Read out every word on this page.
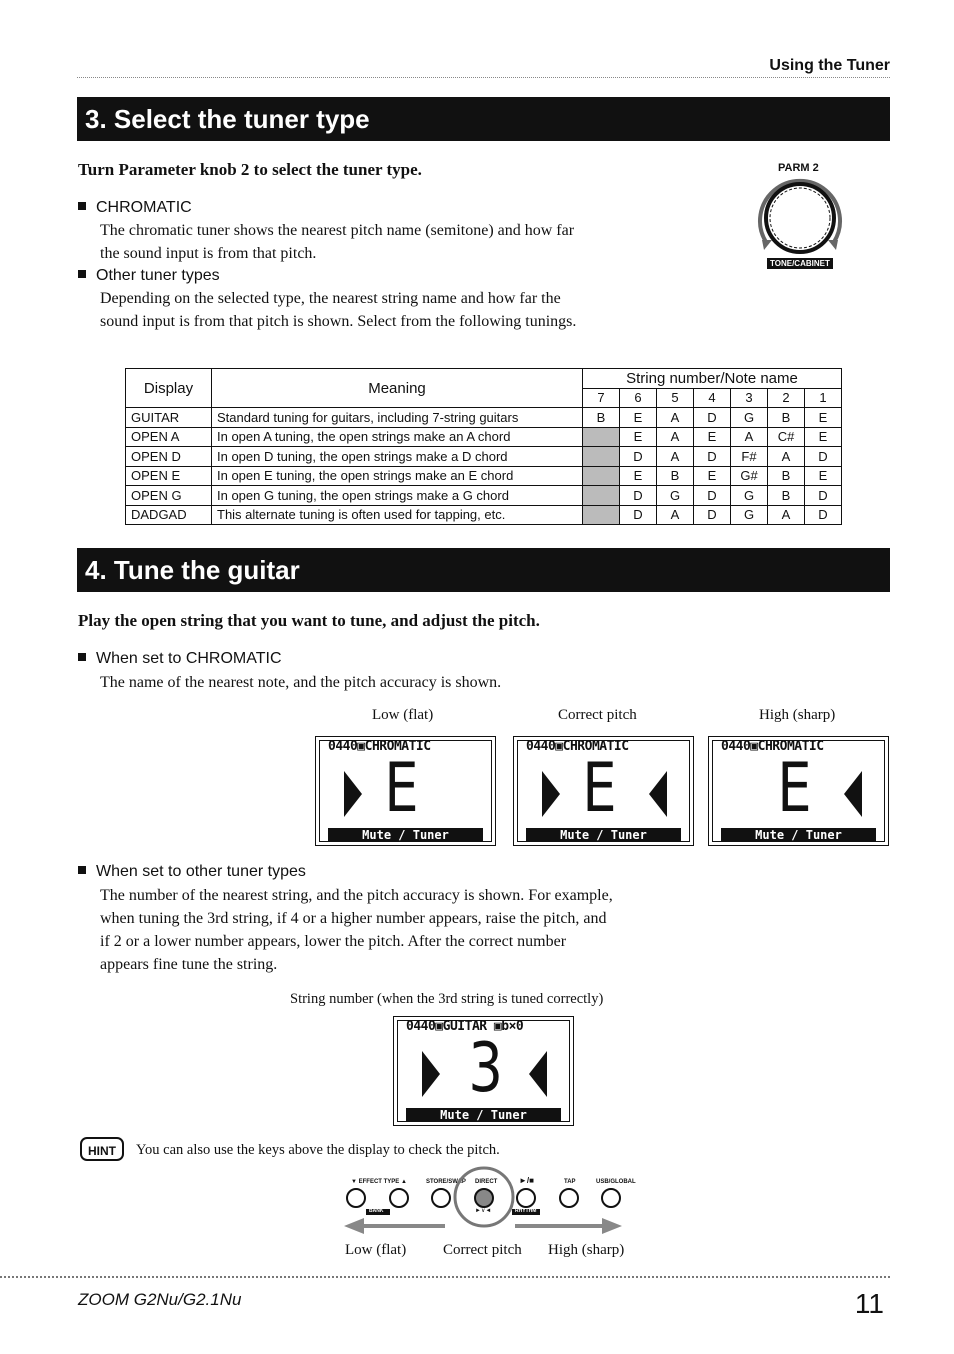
Using the Tuner
3. Select the tuner type
Turn Parameter knob 2 to select the tuner type.
CHROMATIC
The chromatic tuner shows the nearest pitch name (semitone) and how far
the sound input is from that pitch.
Other tuner types
Depending on the selected type, the nearest string name and how far the
sound input is from that pitch is shown. Select from the following tunings.
PARM 2
TONE/CABINET
Display	Meaning	String number/Note name						
		7	6	5	4	3	2	1
GUITAR	Standard tuning for guitars, including 7-string guitars	B	E	A	D	G	B	E
OPEN A	In open A tuning, the open strings make an A chord		E	A	E	A	C#	E
OPEN D	In open D tuning, the open strings make a D chord		D	A	D	F#	A	D
OPEN E	In open E tuning, the open strings make an E chord		E	B	E	G#	B	E
OPEN G	In open G tuning, the open strings make a G chord		D	G	D	G	B	D
DADGAD	This alternate tuning is often used for tapping, etc.		D	A	D	G	A	D
4. Tune the guitar
Play the open string that you want to tune, and adjust the pitch.
When set to CHROMATIC
The name of the nearest note, and the pitch accuracy is shown.
Low (flat)	Correct pitch	High (sharp)
0440▣CHROMATIC
E
Mute / Tuner
0440▣CHROMATIC
E
Mute / Tuner
0440▣CHROMATIC
E
Mute / Tuner
When set to other tuner types
The number of the nearest string, and the pitch accuracy is shown. For example,
when tuning the 3rd string, if 4 or a higher number appears, raise the pitch, and
if 2 or a lower number appears, lower the pitch. After the correct number
appears fine tune the string.
String number (when the 3rd string is tuned correctly)
0440▣GUITAR ▣b×0
3
Mute / Tuner
HINT	You can also use the keys above the display to check the pitch.
▼ EFFECT TYPE ▲	STORE/SWAP DIRECT	►/■	TAP	USB/GLOBAL
BANK	►∨◄	RHYTHM
Low (flat) Correct pitch High (sharp)
ZOOM G2Nu/G2.1Nu	11
